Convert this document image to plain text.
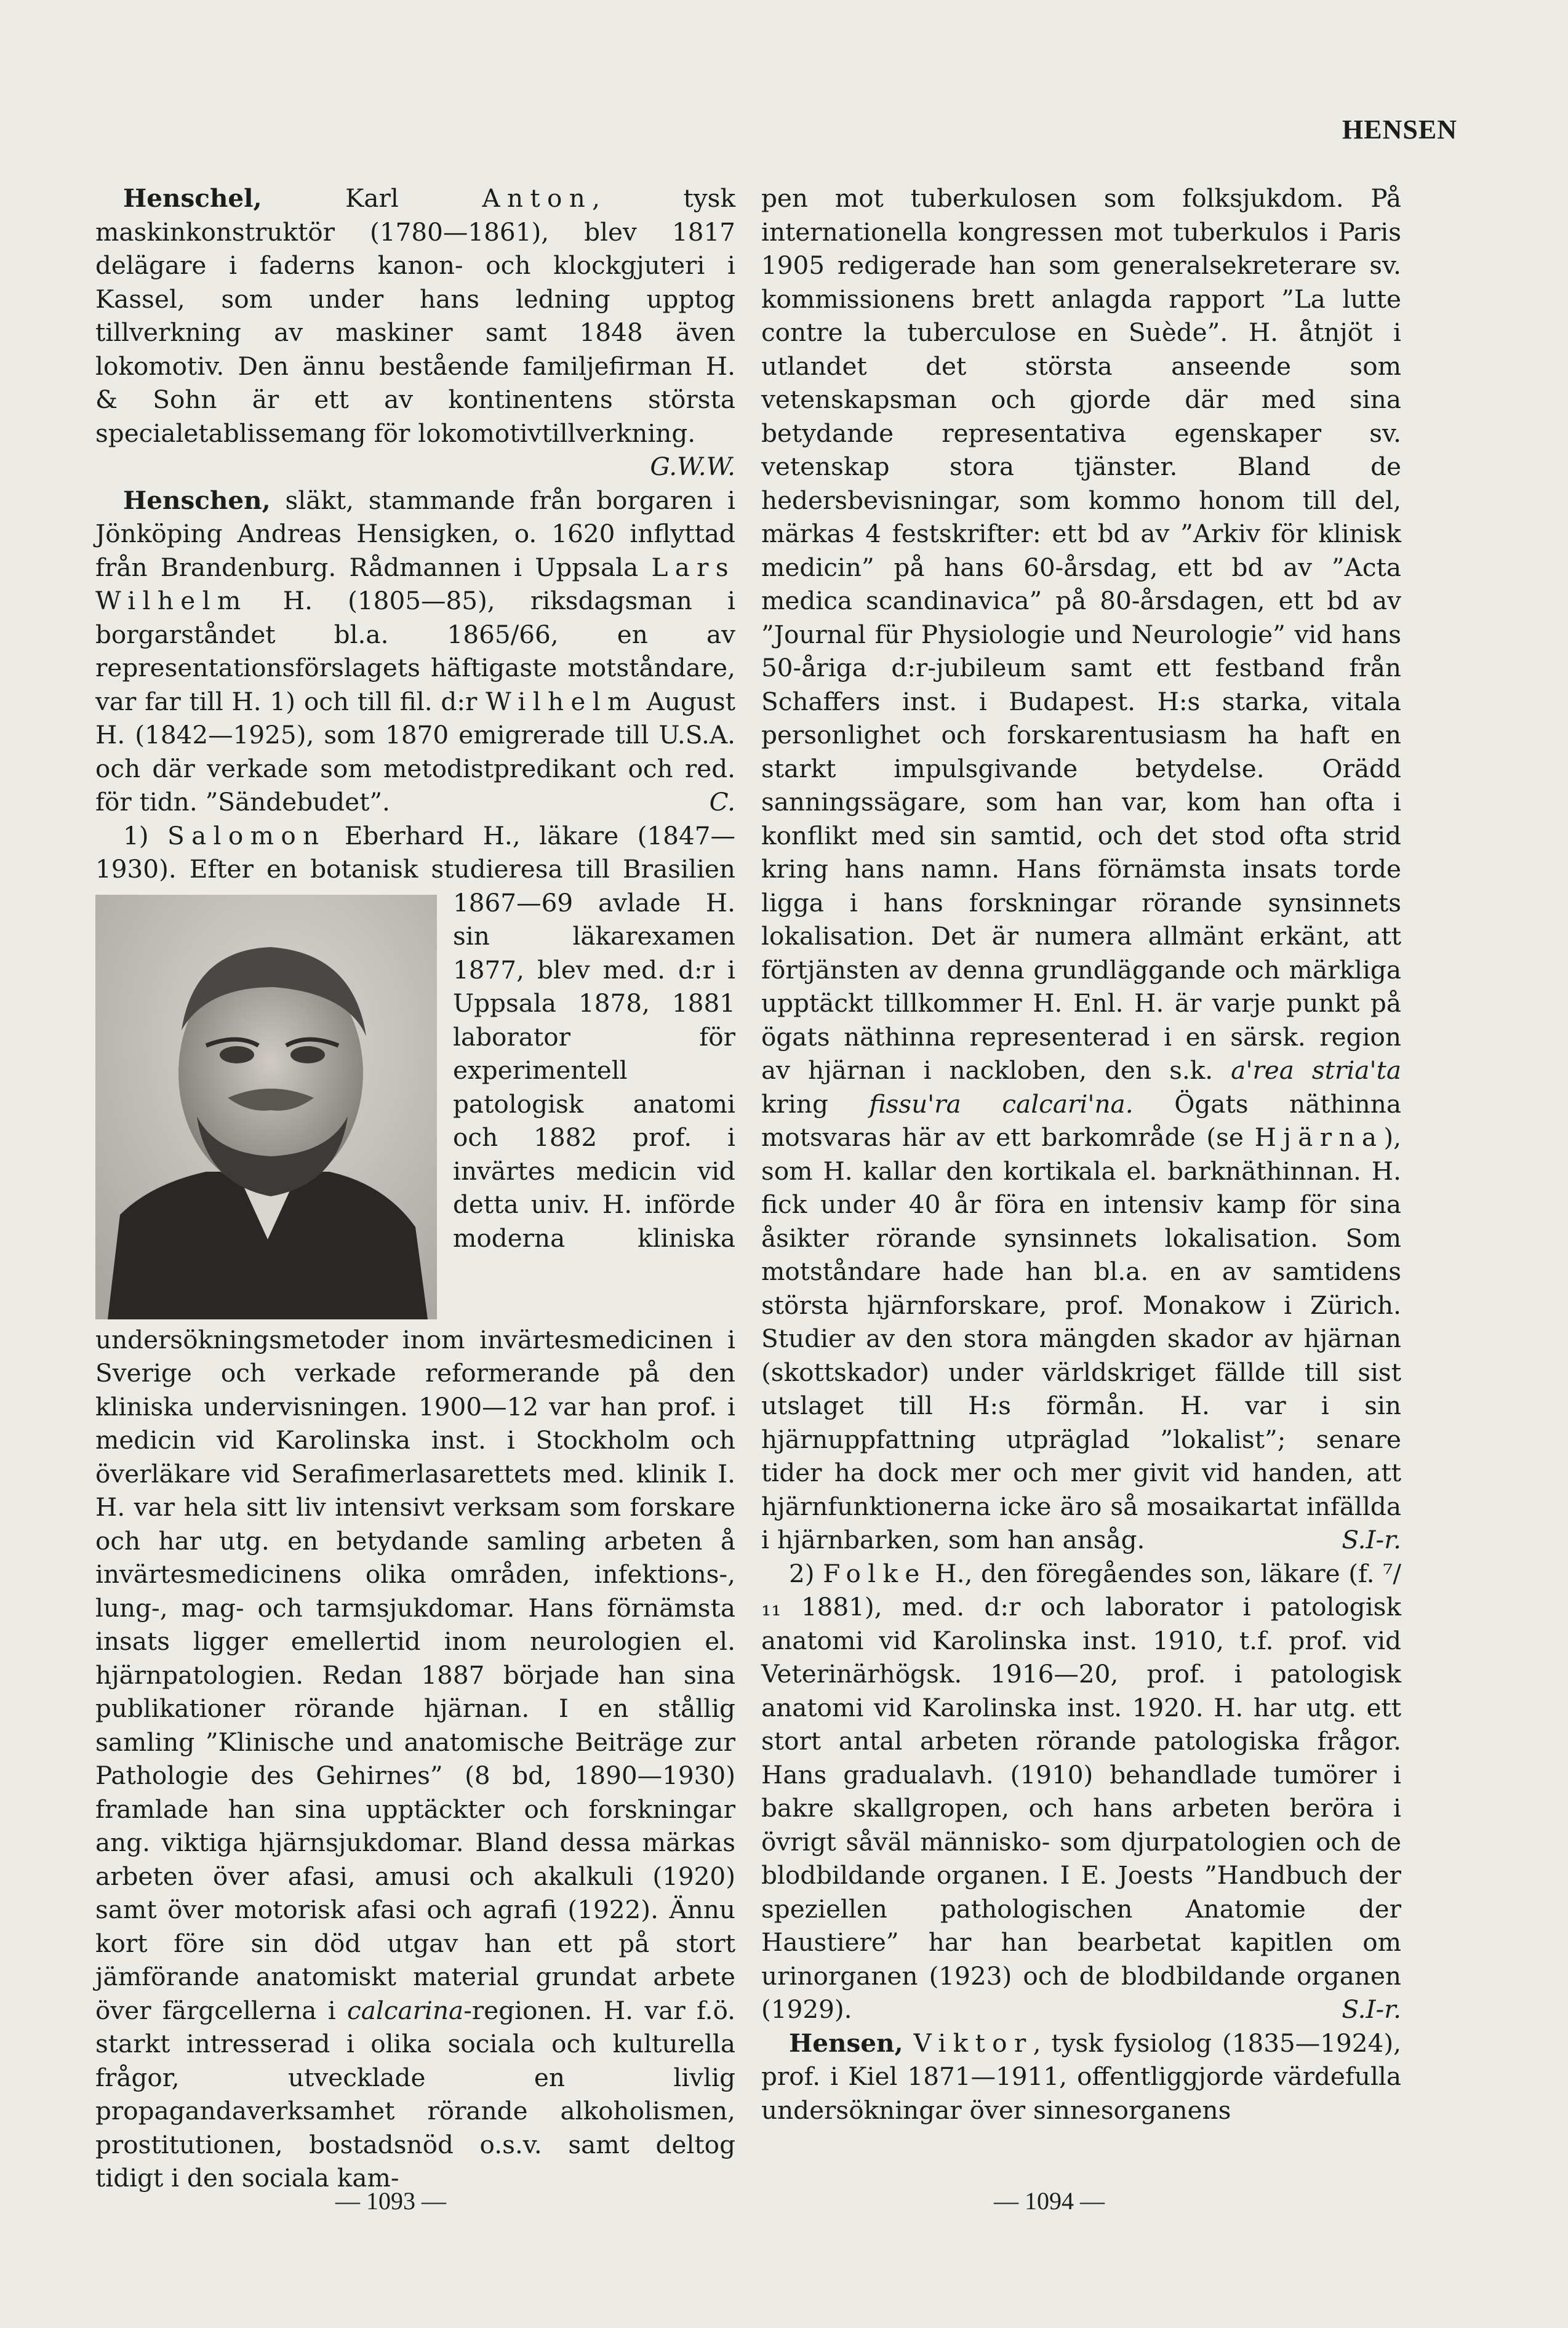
HENSEN

Henschel, Karl Anton, tysk maskinkonstruktör (1780—1861), blev 1817 delägare i faderns kanon- och klockgjuteri i Kassel, som under hans ledning upptog tillverkning av maskiner samt 1848 även lokomotiv. Den ännu bestående familjefirman H. & Sohn är ett av kontinentens största specialetablissemang för lokomotivtillverkning.
G.W.W.

Henschen, släkt, stammande från borgaren i Jönköping Andreas Hensigken, o. 1620 inflyttad från Brandenburg. Rådmannen i Uppsala Lars Wilhelm H. (1805—85), riksdagsman i borgarståndet bl.a. 1865/66, en av representationsförslagets häftigaste motståndare, var far till H. 1) och till fil. d:r Wilhelm August H. (1842—1925), som 1870 emigrerade till U.S.A. och där verkade som metodistpredikant och red. för tidn. ”Sändebudet”.	C.

1) Salomon Eberhard H., läkare (1847—1930). Efter en botanisk studieresa till Brasi
lien 1867—69 avlade H. sin läkarexamen 1877, blev med. d:r i Uppsala 1878, 1881 laborator för experimentell patologisk anatomi och 1882 prof. i invärtes medicin vid detta univ. H. införde moderna kliniska undersökningsmetoder inom invärtesmedicinen i Sverige och verkade reformerande på den kliniska undervisningen. 1900—12 var han prof. i medicin vid Karolinska inst. i Stockholm och överläkare vid Serafimerlasarettets med. klinik I. H. var hela sitt liv intensivt verksam som forskare och har utg. en betydande samling arbeten å invärtesmedicinens olika områden, infektions-, lung-, mag- och tarmsjukdomar. Hans förnämsta insats ligger emellertid inom neurologien el. hjärnpatologien. Redan 1887 började han sina publikationer rörande hjärnan. I en stållig samling ”Klinische und anatomische Beiträge zur Pathologie des Gehirnes” (8 bd, 1890—1930) framlade han sina upptäckter och forskningar ang. viktiga hjärnsjukdomar. Bland dessa märkas arbeten över afasi, amusi och akalkuli (1920) samt över motorisk afasi och agrafi (1922). Ännu kort före sin död utgav han ett på stort jämförande anatomiskt material grundat arbete över färgcellerna i calcarina-regionen. H. var f.ö. starkt intresserad i olika sociala och kulturella frågor, utvecklade en livlig propagandaverksamhet rörande alkoholismen, prostitutionen, bostadsnöd o.s.v. samt deltog tidigt i den sociala kam-

pen mot tuberkulosen som folksjukdom. På internationella kongressen mot tuberkulos i Paris 1905 redigerade han som generalsekreterare sv. kommissionens brett anlagda rapport ”La lutte contre la tuberculose en Suède”. H. åtnjöt i utlandet det största anseende som vetenskapsman och gjorde där med sina betydande representativa egenskaper sv. vetenskap stora tjänster. Bland de hedersbevisningar, som kommo honom till del, märkas 4 festskrifter: ett bd av ”Arkiv för klinisk medicin” på hans 60-årsdag, ett bd av ”Acta medica scandinavica” på 80-årsdagen, ett bd av ”Journal für Physiologie und Neurologie” vid hans 50-åriga d:r-jubileum samt ett festband från Schaffers inst. i Budapest. H:s starka, vitala personlighet och forskarentusiasm ha haft en starkt impulsgivande betydelse. Orädd sanningssägare, som han var, kom han ofta i konflikt med sin samtid, och det stod ofta strid kring hans namn. Hans förnämsta insats torde ligga i hans forskningar rörande synsinnets lokalisation. Det är numera allmänt erkänt, att förtjänsten av denna grundläggande och märkliga upptäckt tillkommer H. Enl. H. är varje punkt på ögats näthinna representerad i en särsk. region av hjärnan i nackloben, den s.k. a'rea stria'ta kring fissu'ra calcari'na. Ögats näthinna motsvaras här av ett barkområde (se Hjärna), som H. kallar den kortikala el. barknäthinnan. H. fick under 40 år föra en intensiv kamp för sina åsikter rörande synsinnets lokalisation. Som motståndare hade han bl.a. en av samtidens största hjärnforskare, prof. Monakow i Zürich. Studier av den stora mängden skador av hjärnan (skottskador) under världskriget fällde till sist utslaget till H:s förmån. H. var i sin hjärnuppfattning utpräglad ”lokalist”; senare tider ha dock mer och mer givit vid handen, att hjärnfunktionerna icke äro så mosaikartat infällda i hjärnbarken, som han ansåg.	S.I-r.

2) Folke H., den föregåendes son, läkare (f. ⁷/₁₁ 1881), med. d:r och laborator i patologisk anatomi vid Karolinska inst. 1910, t.f. prof. vid Veterinärhögsk. 1916—20, prof. i patologisk anatomi vid Karolinska inst. 1920. H. har utg. ett stort antal arbeten rörande patologiska frågor. Hans gradualavh. (1910) behandlade tumörer i bakre skallgropen, och hans arbeten beröra i övrigt såväl människo- som djurpatologien och de blodbildande organen. I E. Joests ”Handbuch der speziellen pathologischen Anatomie der Haustiere” har han bearbetat kapitlen om urinorganen (1923) och de blodbildande organen (1929).	S.I-r.

Hensen, Viktor, tysk fysiolog (1835—1924), prof. i Kiel 1871—1911, offentliggjorde värdefulla undersökningar över sinnesorganens

— 1093 —	— 1094 —
